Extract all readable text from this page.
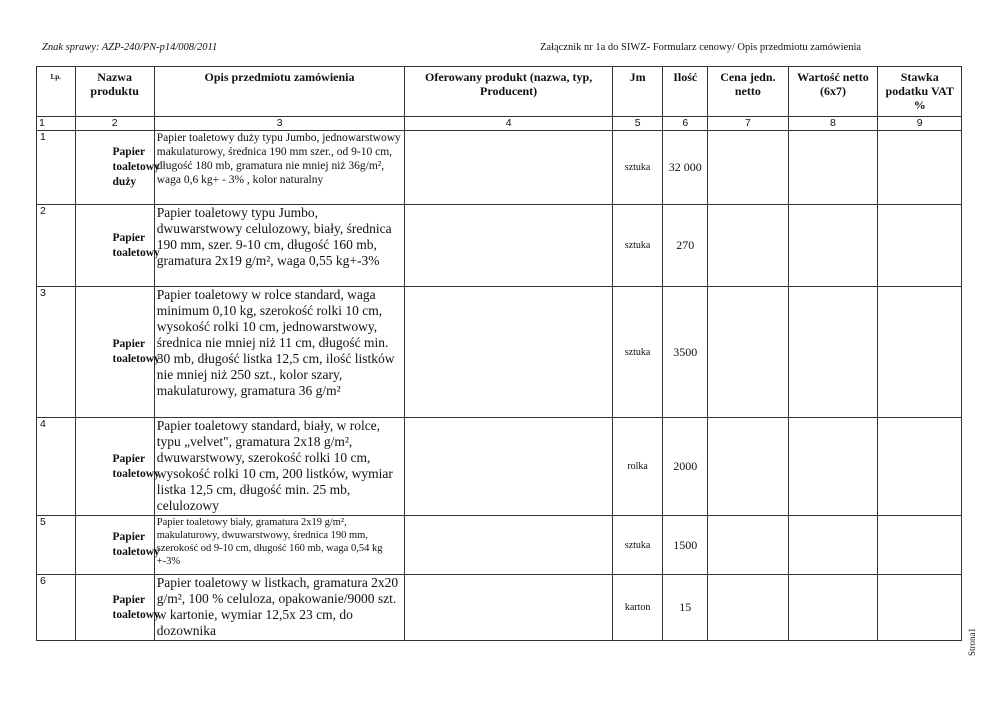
Znak sprawy: AZP-240/PN-p14/008/2011	Załącznik nr 1a do SIWZ- Formularz cenowy/ Opis przedmiotu zamówienia
Strona1
Lp.	Nazwa produktu	Opis przedmiotu zamówienia	Oferowany produkt (nazwa, typ, Producent)	Jm	Ilość	Cena jedn. netto	Wartość netto (6x7)	Stawka podatku VAT %
1	2	3	4	5	6	7	8	9
1	Papier toaletowy duży	Papier toaletowy duży typu Jumbo, jednowarstwowy makulaturowy, średnica 190 mm szer., od 9-10 cm, długość 180 mb, gramatura nie mniej niż 36g/m², waga 0,6 kg+ - 3% , kolor naturalny		sztuka	32 000			
2	Papier toaletowy	Papier toaletowy typu Jumbo, dwuwarstwowy celulozowy, biały, średnica 190 mm, szer. 9-10 cm, długość 160 mb, gramatura 2x19 g/m², waga 0,55 kg+-3%		sztuka	270			
3	Papier toaletowy	Papier toaletowy w rolce standard, waga minimum 0,10 kg, szerokość rolki 10 cm, wysokość rolki 10 cm, jednowarstwowy, średnica nie mniej niż 11 cm, długość min. 30 mb, długość listka 12,5 cm, ilość listków nie mniej niż 250 szt., kolor szary, makulaturowy, gramatura 36 g/m²		sztuka	3500			
4	Papier toaletowy	Papier toaletowy standard, biały, w rolce, typu „velvet", gramatura 2x18 g/m², dwuwarstwowy, szerokość rolki 10 cm, wysokość rolki 10 cm, 200 listków, wymiar listka 12,5 cm, długość min. 25 mb, celulozowy		rolka	2000			
5	Papier toaletowy	Papier toaletowy biały, gramatura 2x19 g/m², makulaturowy, dwuwarstwowy, średnica 190 mm, szerokość od 9-10 cm, długość 160 mb, waga 0,54 kg +-3%		sztuka	1500			
6	Papier toaletowy	Papier toaletowy w listkach, gramatura 2x20 g/m², 100 % celuloza, opakowanie/9000 szt. w kartonie, wymiar 12,5x 23 cm, do dozownika		karton	15			
